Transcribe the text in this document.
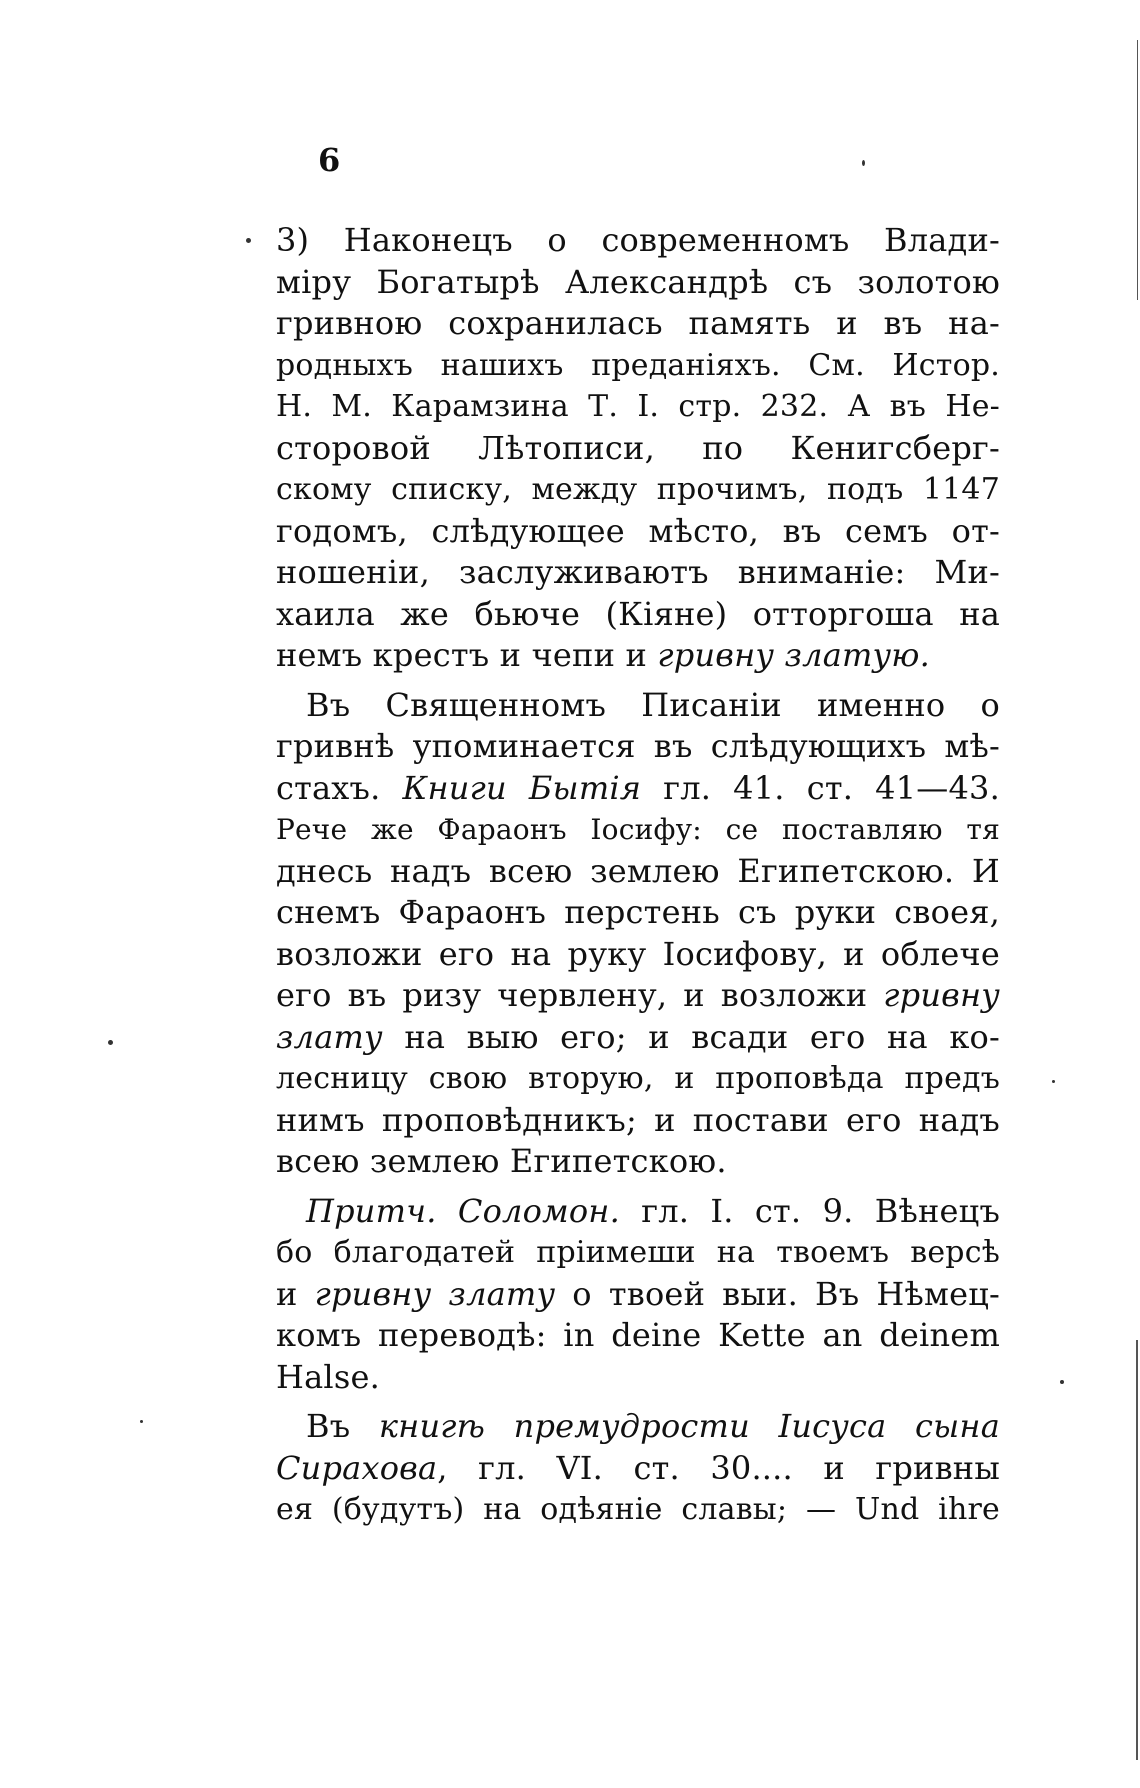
6
3) Наконецъ о современномъ Влади-
міру Богатырѣ Александрѣ съ золотою
гривною сохранилась память и въ на-
родныхъ нашихъ преданіяхъ. См. Истор.
Н. М. Карамзина Т. І. стр. 232. А въ Не-
сторовой Лѣтописи, по Кенигсберг-
скому списку, между прочимъ, подъ 1147
годомъ, слѣдующее мѣсто, въ семъ от-
ношеніи, заслуживаютъ вниманіе: Ми-
хаила же бьюче (Кіяне) отторгоша на
немъ крестъ и чепи и гривну златую.
Въ Священномъ Писаніи именно о
гривнѣ упоминается въ слѣдующихъ мѣ-
стахъ. Книги Бытія гл. 41. ст. 41—43.
Рече же Фараонъ Іосифу: се поставляю тя
днесь надъ всею землею Египетскою. И
снемъ Фараонъ перстень съ руки своея,
возложи его на руку Іосифову, и облече
его въ ризу червлену, и возложи гривну
злату на выю его; и всади его на ко-
лесницу свою вторую, и проповѣда предъ
нимъ проповѣдникъ; и постави его надъ
всею землею Египетскою.
Притч. Соломон. гл. І. ст. 9. Вѣнецъ
бо благодатей пріимеши на твоемъ версѣ
и гривну злату о твоей выи. Въ Нѣмец-
комъ переводѣ: in deine Kette an deinem
Halse.
Въ книгѣ премудрости Іисуса сына
Сирахова, гл. VI. ст. 30.... и гривны
ея (будутъ) на одѣяніе славы; — Und ihre
